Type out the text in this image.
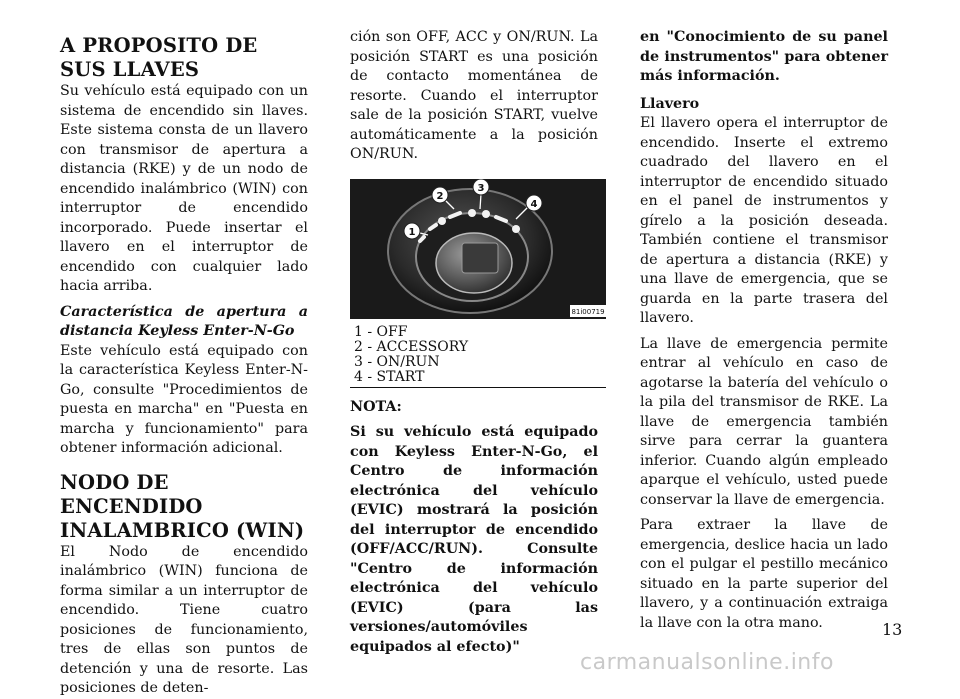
A PROPOSITO DE SUS LLAVES

Su vehículo está equipado con un sistema de encendido sin llaves. Este sistema consta de un llavero con transmisor de apertura a distancia (RKE) y de un nodo de encendido inalámbrico (WIN) con interruptor de encendido incorporado. Puede insertar el llavero en el interruptor de encendido con cualquier lado hacia arriba.

Característica de apertura a distancia Keyless Enter-N-Go

Este vehículo está equipado con la característica Keyless Enter-N-Go, consulte "Procedimientos de puesta en marcha" en "Puesta en marcha y funcionamiento" para obtener información adicional.

NODO DE ENCENDIDO INALAMBRICO (WIN)

El Nodo de encendido inalámbrico (WIN) funciona de forma similar a un interruptor de encendido. Tiene cuatro posiciones de funcionamiento, tres de ellas son puntos de detención y una de resorte. Las posiciones de deten-

ción son OFF, ACC y ON/RUN. La posición START es una posición de contacto momentánea de resorte. Cuando el interruptor sale de la posición START, vuelve automáticamente a la posición ON/RUN.

1
2
3
4
81i00719
1 - OFF
2 - ACCESSORY
3 - ON/RUN
4 - START

NOTA:

Si su vehículo está equipado con Keyless Enter-N-Go, el Centro de información electrónica del vehículo (EVIC) mostrará la posición del interruptor de encendido (OFF/ACC/RUN). Consulte "Centro de información electrónica del vehículo (EVIC) (para las versiones/automóviles equipados al efecto)"

en "Conocimiento de su panel de instrumentos" para obtener más información.

Llavero

El llavero opera el interruptor de encendido. Inserte el extremo cuadrado del llavero en el interruptor de encendido situado en el panel de instrumentos y gírelo a la posición deseada. También contiene el transmisor de apertura a distancia (RKE) y una llave de emergencia, que se guarda en la parte trasera del llavero.

La llave de emergencia permite entrar al vehículo en caso de agotarse la batería del vehículo o la pila del transmisor de RKE. La llave de emergencia también sirve para cerrar la guantera inferior. Cuando algún empleado aparque el vehículo, usted puede conservar la llave de emergencia.

Para extraer la llave de emergencia, deslice hacia un lado con el pulgar el pestillo mecánico situado en la parte superior del llavero, y a continuación extraiga la llave con la otra mano.	13
carmanualsonline.info
